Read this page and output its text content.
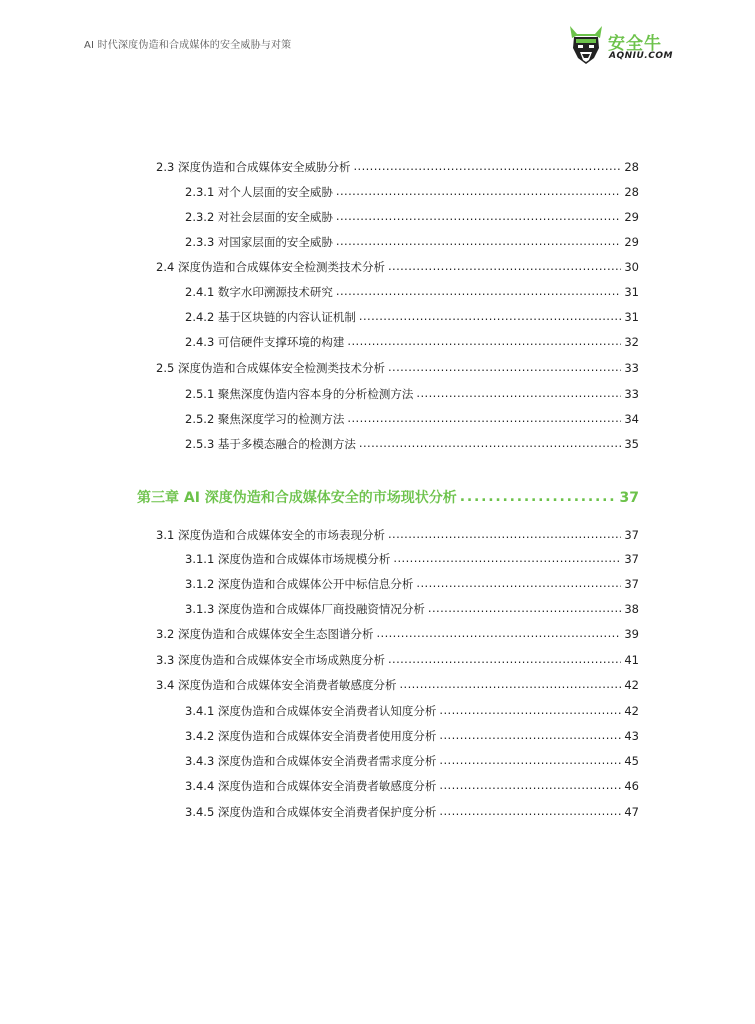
AI 时代深度伪造和合成媒体的安全威胁与对策	安全牛
AQNIU.COM
2.3 深度伪造和合成媒体安全威胁分析 .....	28
2.3.1 对个人层面的安全威胁 .....	28
2.3.2 对社会层面的安全威胁 .....	29
2.3.3 对国家层面的安全威胁 .....	29
2.4 深度伪造和合成媒体安全检测类技术分析 .....	30
2.4.1 数字水印溯源技术研究 .....	31
2.4.2 基于区块链的内容认证机制 .....	31
2.4.3 可信硬件支撑环境的构建 .....	32
2.5 深度伪造和合成媒体安全检测类技术分析 .....	33
2.5.1 聚焦深度伪造内容本身的分析检测方法 .....	33
2.5.2 聚焦深度学习的检测方法 .....	34
2.5.3 基于多模态融合的检测方法 .....	35
第三章 AI 深度伪造和合成媒体安全的市场现状分析 .....	37
3.1 深度伪造和合成媒体安全的市场表现分析 .....	37
3.1.1 深度伪造和合成媒体市场规模分析 .....	37
3.1.2 深度伪造和合成媒体公开中标信息分析 .....	37
3.1.3 深度伪造和合成媒体厂商投融资情况分析 .....	38
3.2 深度伪造和合成媒体安全生态图谱分析 .....	39
3.3 深度伪造和合成媒体安全市场成熟度分析 .....	41
3.4 深度伪造和合成媒体安全消费者敏感度分析 .....	42
3.4.1 深度伪造和合成媒体安全消费者认知度分析 .....	42
3.4.2 深度伪造和合成媒体安全消费者使用度分析 .....	43
3.4.3 深度伪造和合成媒体安全消费者需求度分析 .....	45
3.4.4 深度伪造和合成媒体安全消费者敏感度分析 .....	46
3.4.5 深度伪造和合成媒体安全消费者保护度分析 .....	47
